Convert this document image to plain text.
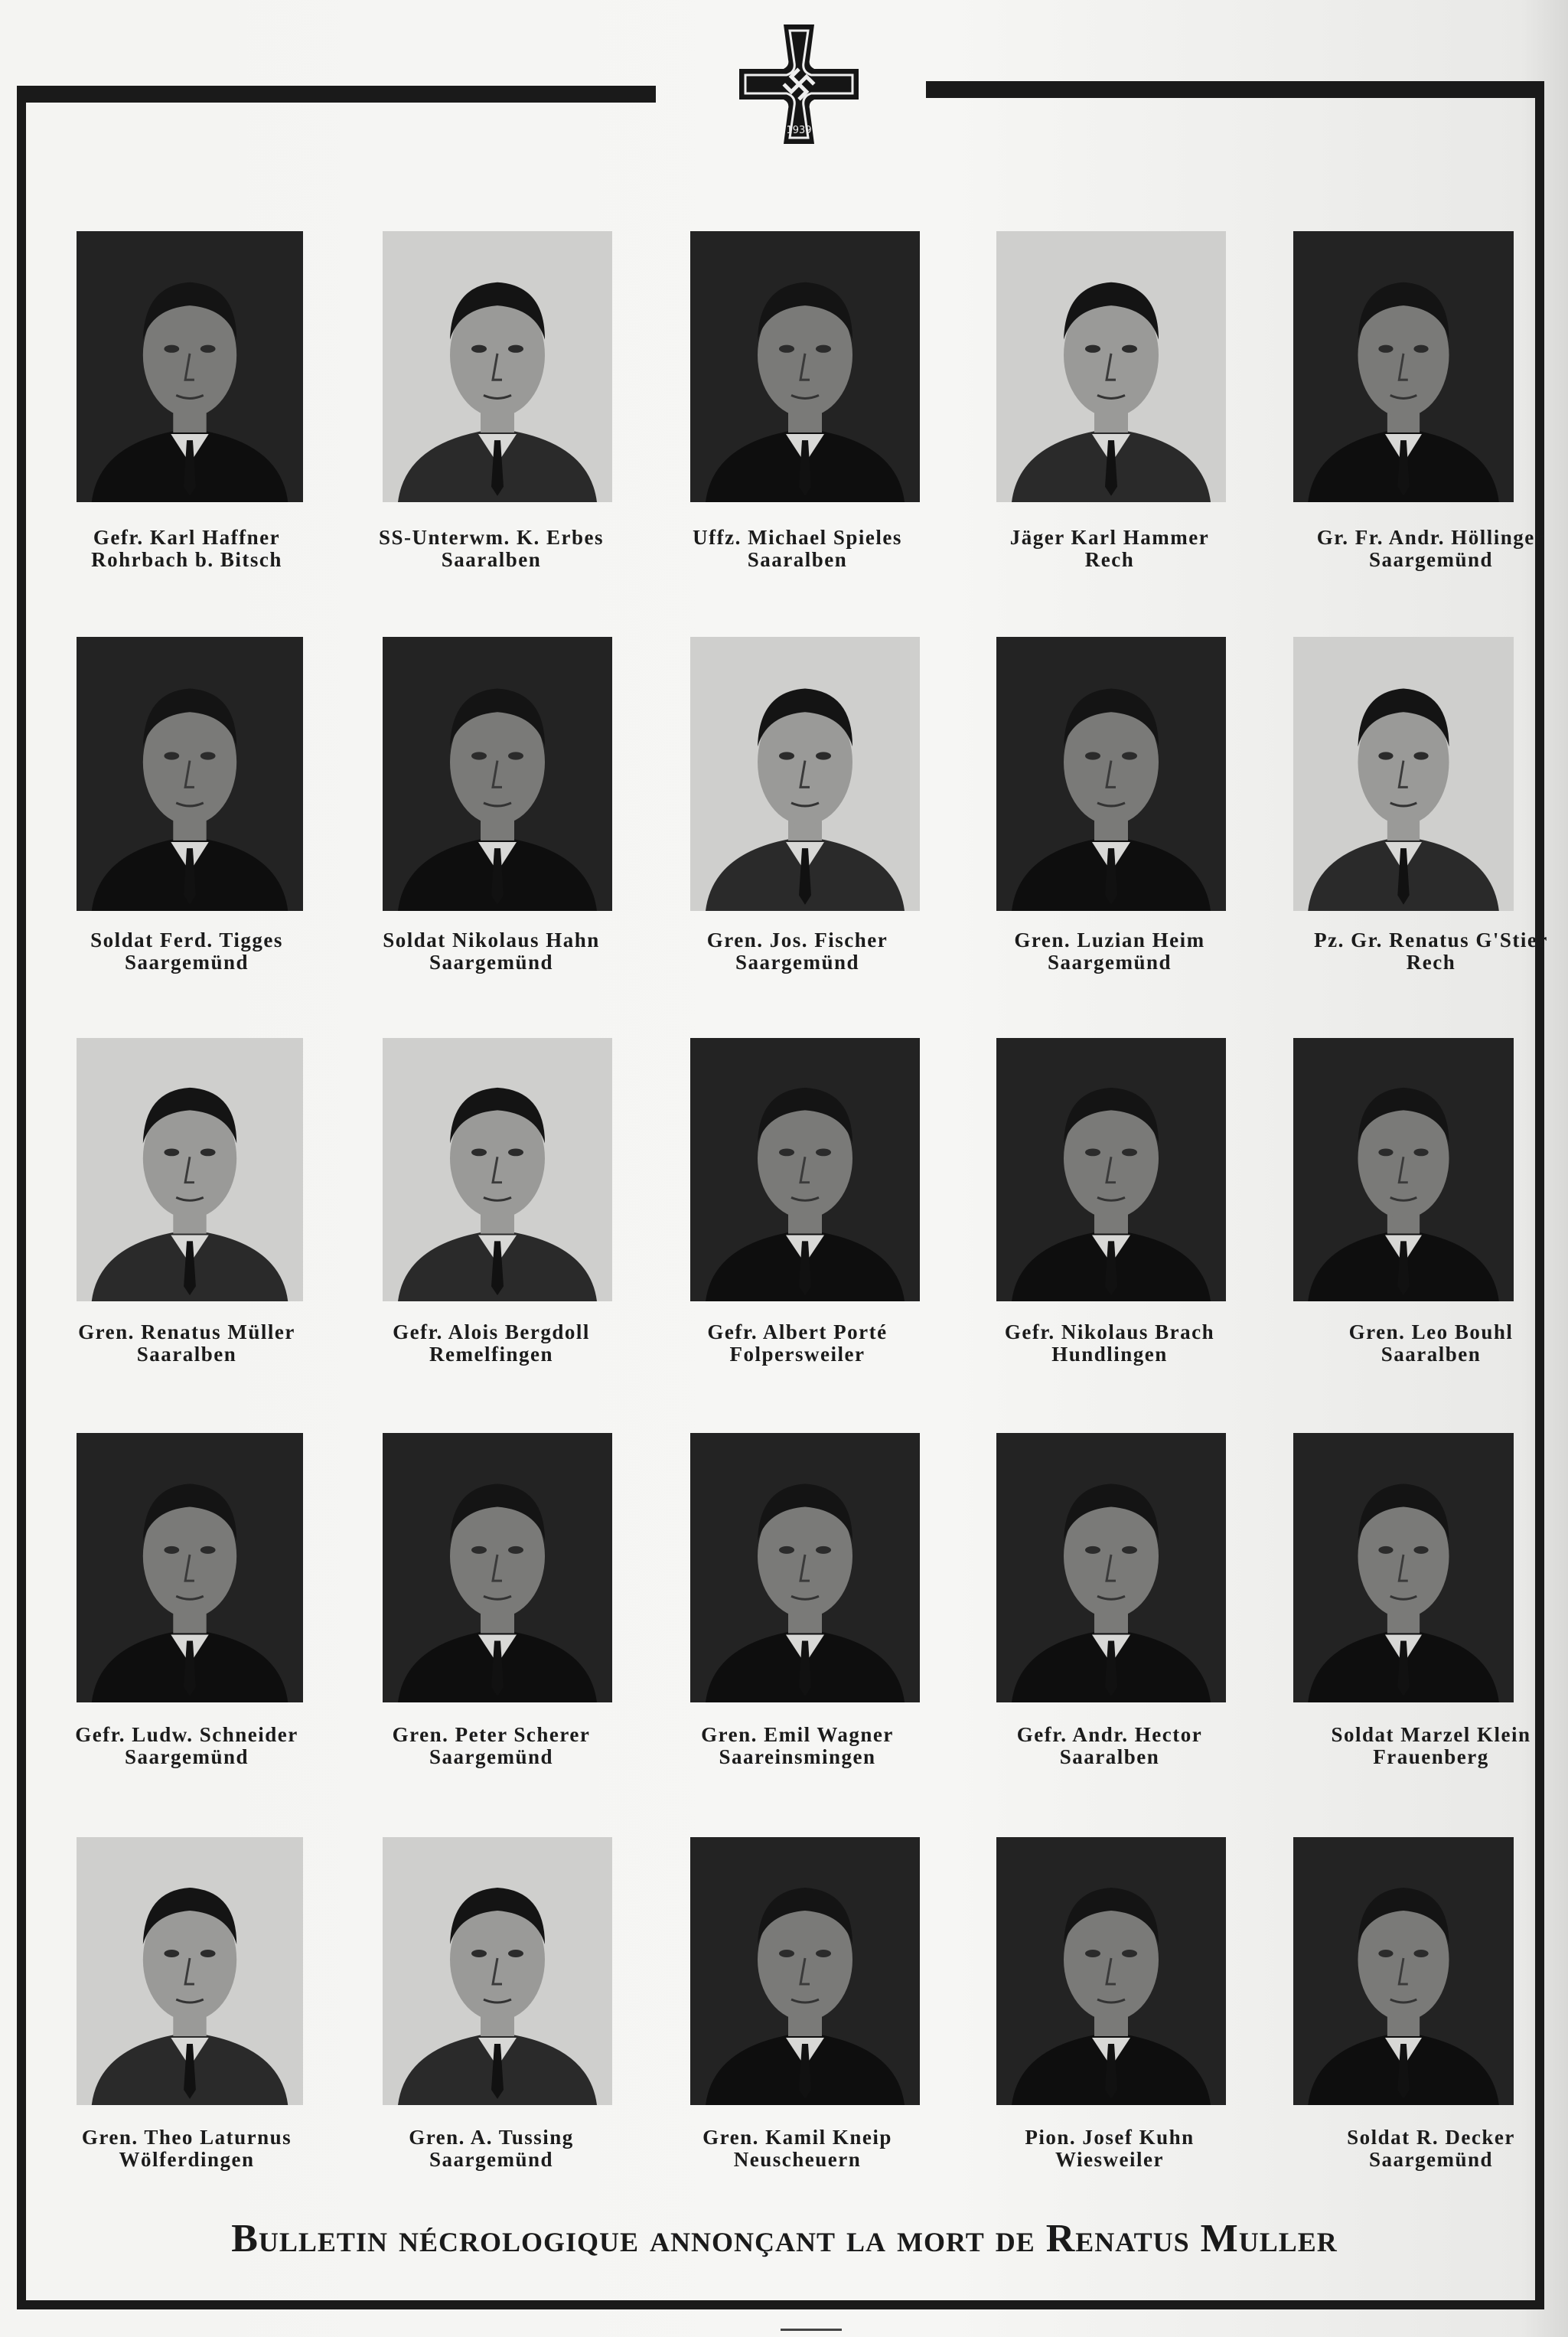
1939
Gefr. Karl Haffner
Rohrbach b. Bitsch
SS-Unterwm. K. Erbes
Saaralben
Uffz. Michael Spieles
Saaralben
Jäger Karl Hammer
Rech
Gr. Fr. Andr. Höllinger
Saargemünd
Soldat Ferd. Tigges
Saargemünd
Soldat Nikolaus Hahn
Saargemünd
Gren. Jos. Fischer
Saargemünd
Gren. Luzian Heim
Saargemünd
Pz. Gr. Renatus G'Stier
Rech
Gren. Renatus Müller
Saaralben
Gefr. Alois Bergdoll
Remelfingen
Gefr. Albert Porté
Folpersweiler
Gefr. Nikolaus Brach
Hundlingen
Gren. Leo Bouhl
Saaralben
Gefr. Ludw. Schneider
Saargemünd
Gren. Peter Scherer
Saargemünd
Gren. Emil Wagner
Saareinsmingen
Gefr. Andr. Hector
Saaralben
Soldat Marzel Klein
Frauenberg
Gren. Theo Laturnus
Wölferdingen
Gren. A. Tussing
Saargemünd
Gren. Kamil Kneip
Neuscheuern
Pion. Josef Kuhn
Wiesweiler
Soldat R. Decker
Saargemünd
Bulletin nécrologique annonçant la mort de Renatus Muller
